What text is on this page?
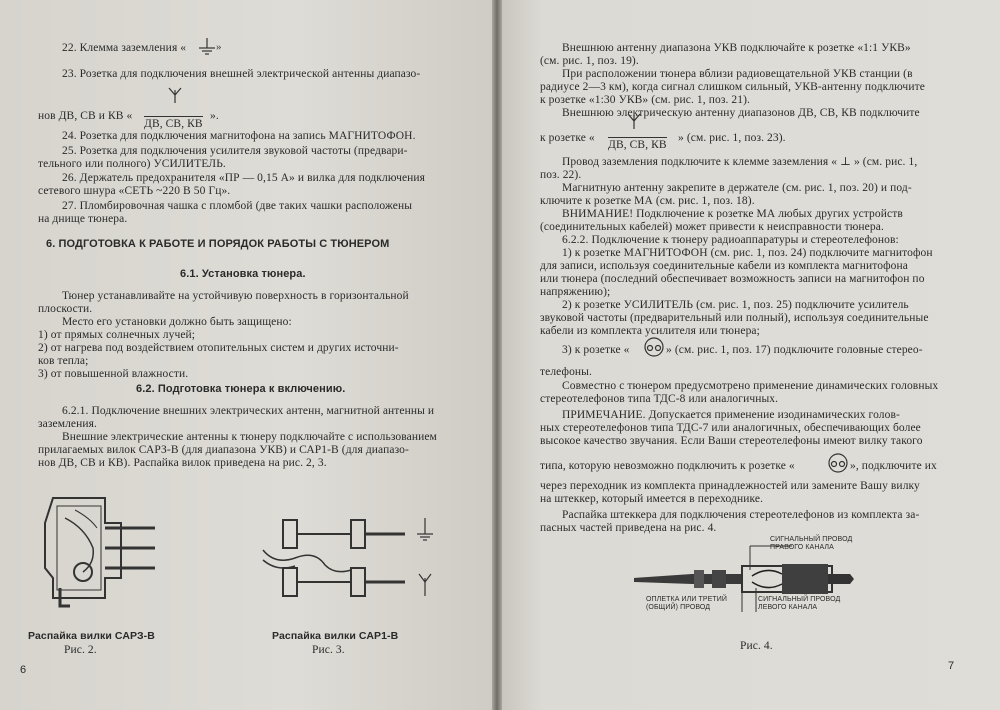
22. Клемма заземления «	»
23. Розетка для подключения внешней электрической антенны диапазо-
нов ДВ, СВ и КВ «
ДВ, СВ, КВ
».
24. Розетка для подключения магнитофона на запись МАГНИТОФОН.
25. Розетка для подключения усилителя звуковой частоты (предвари-
тельного или полного) УСИЛИТЕЛЬ.
26. Держатель предохранителя «ПР — 0,15 А» и вилка для подключения
сетевого шнура «СЕТЬ ~220 В 50 Гц».
27. Пломбировочная чашка с пломбой (две таких чашки расположены
на днище тюнера.
6. ПОДГОТОВКА К РАБОТЕ И ПОРЯДОК РАБОТЫ С ТЮНЕРОМ
6.1. Установка тюнера.
Тюнер устанавливайте на устойчивую поверхность в горизонтальной
плоскости.
Место его установки должно быть защищено:
1) от прямых солнечных лучей;
2) от нагрева под воздействием отопительных систем и других источни-
ков тепла;
3) от повышенной влажности.
6.2. Подготовка тюнера к включению.
6.2.1. Подключение внешних электрических антенн, магнитной антенны и
заземления.
Внешние электрические антенны к тюнеру подключайте с использованием
прилагаемых вилок САРЗ-В (для диапазона УКВ) и САР1-В (для диапазо-
нов ДВ, СВ и КВ). Распайка вилок приведена на рис. 2, 3.
Распайка вилки САРЗ-В
Рис. 2.
Распайка вилки САР1-В
Рис. 3.
6
Внешнюю антенну диапазона УКВ подключайте к розетке «1:1 УКВ»
(см. рис. 1, поз. 19).
При расположении тюнера вблизи радиовещательной УКВ станции (в
радиусе 2—3 км), когда сигнал слишком сильный, УКВ-антенну подключите
к розетке «1:30 УКВ» (см. рис. 1, поз. 21).
Внешнюю электрическую антенну диапазонов ДВ, СВ, КВ подключите
к розетке «
ДВ, СВ, КВ
» (см. рис. 1, поз. 23).
Провод заземления подключите к клемме заземления « ⊥ » (см. рис. 1,
поз. 22).
Магнитную антенну закрепите в держателе (см. рис. 1, поз. 20) и под-
ключите к розетке МА (см. рис. 1, поз. 18).
ВНИМАНИЕ! Подключение к розетке МА любых других устройств
(соединительных кабелей) может привести к неисправности тюнера.
6.2.2. Подключение к тюнеру радиоаппаратуры и стереотелефонов:
1) к розетке МАГНИТОФОН (см. рис. 1, поз. 24) подключите магнитофон
для записи, используя соединительные кабели из комплекта магнитофона
или тюнера (последний обеспечивает возможность записи на магнитофон по
напряжению);
2) к розетке УСИЛИТЕЛЬ (см. рис. 1, поз. 25) подключите усилитель
звуковой частоты (предварительный или полный), используя соединительные
кабели из комплекта усилителя или тюнера;
3) к розетке «	» (см. рис. 1, поз. 17) подключите головные стерео-
телефоны.
Совместно с тюнером предусмотрено применение динамических головных
стереотелефонов типа ТДС-8 или аналогичных.
ПРИМЕЧАНИЕ. Допускается применение изодинамических голов-
ных стереотелефонов типа ТДС-7 или аналогичных, обеспечивающих более
высокое качество звучания. Если Ваши стереотелефоны имеют вилку такого
типа, которую невозможно подключить к розетке «	», подключите их
через переходник из комплекта принадлежностей или замените Вашу вилку
на штеккер, который имеется в переходнике.
Распайка штеккера для подключения стереотелефонов из комплекта за-
пасных частей приведена на рис. 4.
СИГНАЛЬНЫЙ ПРОВОД
ПРАВОГО КАНАЛА
ОПЛЕТКА ИЛИ ТРЕТИЙ
(ОБЩИЙ) ПРОВОД
СИГНАЛЬНЫЙ ПРОВОД
ЛЕВОГО КАНАЛА
Рис. 4.
7
